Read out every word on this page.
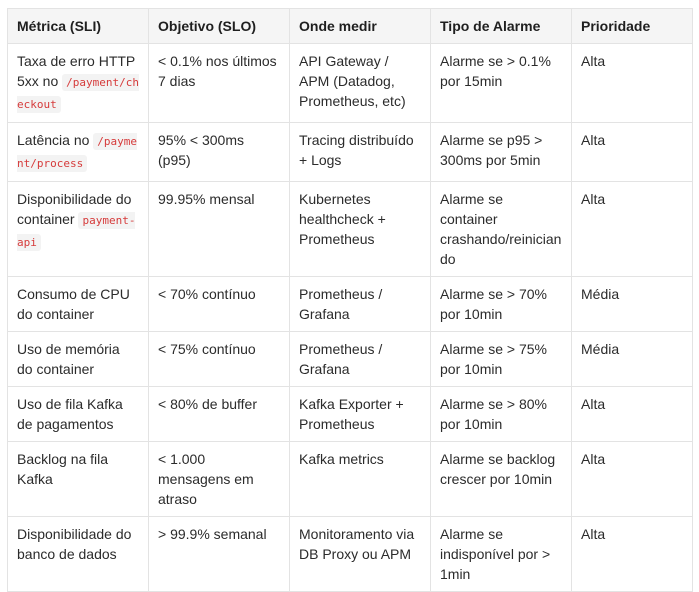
Métrica (SLI)	Objetivo (SLO)	Onde medir	Tipo de Alarme	Prioridade
Taxa de erro HTTP 5xx no /payment/checkout	< 0.1% nos últimos 7 dias	API Gateway / APM (Datadog, Prometheus, etc)	Alarme se > 0.1% por 15min	Alta
Latência no /payment/process	95% < 300ms (p95)	Tracing distribuído + Logs	Alarme se p95 > 300ms por 5min	Alta
Disponibilidade do container payment-api	99.95% mensal	Kubernetes healthcheck + Prometheus	Alarme se container crashando/reiniciando	Alta
Consumo de CPU do container	< 70% contínuo	Prometheus / Grafana	Alarme se > 70% por 10min	Média
Uso de memória do container	< 75% contínuo	Prometheus / Grafana	Alarme se > 75% por 10min	Média
Uso de fila Kafka de pagamentos	< 80% de buffer	Kafka Exporter + Prometheus	Alarme se > 80% por 10min	Alta
Backlog na fila Kafka	< 1.000 mensagens em atraso	Kafka metrics	Alarme se backlog crescer por 10min	Alta
Disponibilidade do banco de dados	> 99.9% semanal	Monitoramento via DB Proxy ou APM	Alarme se indisponível por > 1min	Alta
